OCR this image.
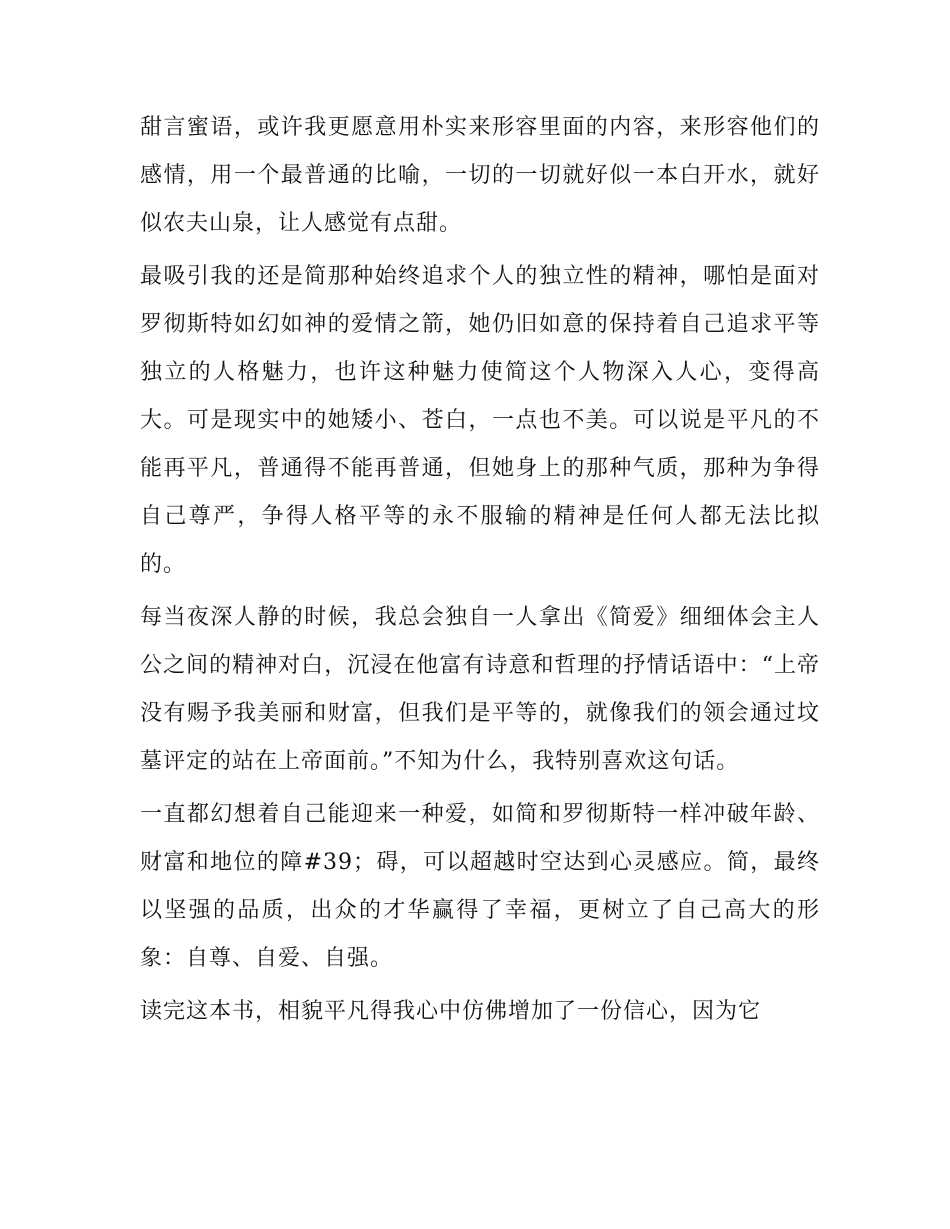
甜言蜜语，或许我更愿意用朴实来形容里面的内容，来形容他们的感情，用一个最普通的比喻，一切的一切就好似一本白开水，就好似农夫山泉，让人感觉有点甜。

最吸引我的还是简那种始终追求个人的独立性的精神，哪怕是面对罗彻斯特如幻如神的爱情之箭，她仍旧如意的保持着自己追求平等独立的人格魅力，也许这种魅力使简这个人物深入人心，变得高大。可是现实中的她矮小、苍白，一点也不美。可以说是平凡的不能再平凡，普通得不能再普通，但她身上的那种气质，那种为争得自己尊严，争得人格平等的永不服输的精神是任何人都无法比拟的。

每当夜深人静的时候，我总会独自一人拿出《简爱》细细体会主人公之间的精神对白，沉浸在他富有诗意和哲理的抒情话语中：“上帝没有赐予我美丽和财富，但我们是平等的，就像我们的领会通过坟墓评定的站在上帝面前。”不知为什么，我特别喜欢这句话。

一直都幻想着自己能迎来一种爱，如简和罗彻斯特一样冲破年龄、财富和地位的障#39；碍，可以超越时空达到心灵感应。简，最终以坚强的品质，出众的才华赢得了幸福，更树立了自己高大的形象：自尊、自爱、自强。

读完这本书，相貌平凡得我心中仿佛增加了一份信心，因为它
